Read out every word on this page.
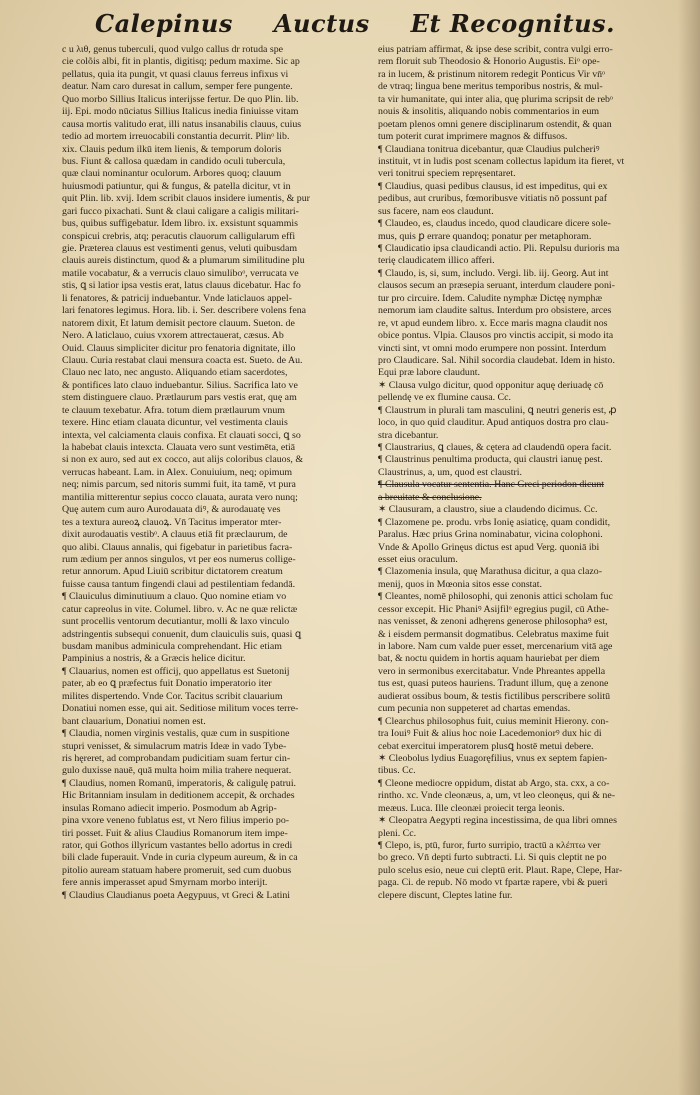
Calepinus Auctus Et Recognitus.
c u λιθ, genus tuberculi, quod vulgo callus dr rotuda spe
cie colõis albi, fit in plantis, digitisq; pedum maxime. Sic ap
pellatus, quia ita pungit, vt quasi clauus ferreus infixus vi
deatur. Nam caro duresat in callum, semper fere pungente.
Quo morbo Sillius Italicus interijsse fertur. De quo Plin. lib.
iij. Epi. modo nūciatus Sillius Italicus inedia finiuisse vitam
causa mortis valitudo erat, illi natus insanabilis clauus, cuius
tedio ad mortem irreuocabili constantia decurrit. Plinᵒ lib.
xix. Clauis pedum ilkū item lienis, & temporum doloris
bus. Fiunt & callosa quædam in candido oculi tubercula,
quæ claui nominantur oculorum. Arbores quoq; clauum
huiusmodi patiuntur, qui & fungus, & patella dicitur, vt in
quit Plin. lib. xvij. Idem scribit clauos insidere iumentis, & pur
gari fucco pixachati. Sunt & claui caligare a caligis militari-
bus, quibus suffigebatur. Idem libro. ix. exsistunt squammis
conspicui crebris, atq; peracutis clauorum calligularum effi
gie. Præterea clauus est vestimenti genus, veluti quibusdam
clauis aureis distinctum, quod & a plumarum similitudine plu
matile vocabatur, & a verrucis clauo simuliboᵒ, verrucata ve
stis, ꝗ si latior ipsa vestis erat, latus clauus dicebatur. Hac fo
li fenatores, & patricij induebantur. Vnde laticlauos appel-
lari fenatores legimus. Hora. lib. i. Ser. describere volens fena
natorem dixit, Et latum demisit pectore clauum. Sueton. de
Nero. A laticlauo, cuius vxorem attrectauerat, cæsus. Ab
Ouid. Clauus simpliciter dicitur pro fenatoria dignitate, illo
Clauu. Curia restabat claui mensura coacta est. Sueto. de Au.
Clauo nec lato, nec angusto. Aliquando etiam sacerdotes,
& pontifices lato clauo induebantur. Silius. Sacrifica lato ve
stem distinguere clauo. Prætlaurum pars vestis erat, quę am
te clauum texebatur. Afra. totum diem prætlaurum vnum
texere. Hinc etiam clauata dicuntur, vel vestimenta clauis
intexta, vel calciamenta clauis confixa. Et clauati socci, ꝗ so
la habebat clauis intexcta. Clauata vero sunt vestimēta, etiā
si non ex auro, sed aut ex cocco, aut alijs coloribus clauos, &
verrucas habeant. Lam. in Alex. Conuiuium, neq; opimum
neq; nimis parcum, sed nitoris summi fuit, ita tamē, vt pura
mantilia mitterentur sepius cocco clauata, aurata vero nunq;
Quę autem cum auro Aurodauata diꝰ, & aurodauatę ves
tes a textura aureoꝝ clauoꝝ. Vn̄ Tacitus imperator mter-
dixit aurodauatis vestibᵒ. A clauus etiā fit præclaurum, de
quo alibi. Clauus annalis, qui figebatur in parietibus facra-
rum ædium per annos singulos, vt per eos numerus collige-
retur annorum. Apud Liuiū scribitur dictatorem creatum
fuisse causa tantum fingendi claui ad pestilentiam fedandā.
¶ Clauiculus diminutiuum a clauo. Quo nomine etiam vo
catur capreolus in vite. Columel. libro. v. Ac ne quæ relictæ
sunt procellis ventorum decutiantur, molli & laxo vinculo
adstringentis subsequi conuenit, dum clauiculis suis, quasi ꝗ
busdam manibus adminicula comprehendant. Hic etiam
Pampinius a nostris, & a Græcis helice dicitur.
¶ Clauarius, nomen est officij, quo appellatus est Suetonij
pater, ab eo ꝗ præfectus fuit Donatio imperatorio iter
milites dispertendo. Vnde Cor. Tacitus scribit clauarium
Donatiui nomen esse, qui ait. Seditiose militum voces terre-
bant clauarium, Donatiui nomen est.
¶ Claudia, nomen virginis vestalis, quæ cum in suspitione
stupri venisset, & simulacrum matris Ideæ in vado Tybe-
ris hęreret, ad comprobandam pudicitiam suam fertur cin-
gulo duxisse nauē, quā multa hoim milia trahere nequerat.
¶ Claudius, nomen Romanū, imperatoris, & caligulę patrui.
Hic Britanniam insulam in deditionem accepit, & orchades
insulas Romano adiecit imperio. Posmodum ab Agrip-
pina vxore veneno fublatus est, vt Nero filius imperio po-
tiri posset. Fuit & alius Claudius Romanorum item impe-
rator, qui Gothos illyricum vastantes bello adortus in credi
bili clade fuperauit. Vnde in curia clypeum aureum, & in ca
pitolio auream statuam habere promeruit, sed cum duobus
fere annis imperasset apud Smyrnam morbo interijt.
¶ Claudius Claudianus poeta Aegypuus, vt Greci & Latini
eius patriam affirmat, & ipse dese scribit, contra vulgi erro-
rem floruit sub Theodosio & Honorio Augustis. Eiᵒ ope-
ra in lucem, & pristinum nitorem redegit Ponticus Vir vn̄ᵒ
de vtraq; lingua bene meritus temporibus nostris, & mul-
ta vir humanitate, qui inter alia, quę plurima scripsit de rebᵒ
nouis & insolitis, aliquando nobis commentarios in eum
poetam plenos omni genere disciplinarum ostendit, & quan
tum poterit curat imprimere magnos & diffusos.
¶ Claudiana tonitrua dicebantur, quæ Claudius pulcheriꝰ
instituit, vt in ludis post scenam collectus lapidum ita fieret, vt
veri tonitrui speciem repręsentaret.
¶ Claudius, quasi pedibus clausus, id est impeditus, qui ex
pedibus, aut cruribus, fœmoribusve vitiatis nō possunt paf
sus facere, nam eos claudunt.
¶ Claudeo, es, claudus incedo, quod claudicare dicere sole-
mus, quis ꝑ errare quandoq; ponatur per metaphoram.
¶ Claudicatio ipsa claudicandi actio. Pli. Repulsu durioris ma
terię claudicatem illico afferi.
¶ Claudo, is, si, sum, includo. Vergi. lib. iij. Georg. Aut int
clausos secum an præsepia seruant, interdum claudere poni-
tur pro circuire. Idem. Caludite nymphæ Dictęę nymphæ
nemorum iam claudite saltus. Interdum pro obsistere, arces
re, vt apud eundem libro. x. Ecce maris magna claudit nos
obice pontus. Vlpia. Clausos pro vinctis accipit, si modo ita
vincti sint, vt omni modo erumpere non possint. Interdum
pro Claudicare. Sal. Nihil socordia claudebat. Idem in histo.
Equi præ labore claudunt.
✶ Clausa vulgo dicitur, quod opponitur aquę deriuadę cō
pellendę ve ex flumine causa. Cc.
¶ Claustrum in plurali tam masculini, ꝗ neutri generis est, ꝓ
loco, in quo quid clauditur. Apud antiquos dostra pro clau-
stra dicebantur.
¶ Claustrarius, ꝗ claues, & cętera ad claudendū opera facit.
¶ Claustrinus penultima producta, qui claustri ianuę pest.
Claustrinus, a, um, quod est claustri.
¶ Clausula vocatur sententia. Hanc Greci periodon dicunt
a breuitate & conclusione.
✶ Clausuram, a claustro, siue a claudendo dicimus. Cc.
¶ Clazomene pe. produ. vrbs Ionię asiaticę, quam condidit,
Paralus. Hæc prius Grina nominabatur, vicina colophoni.
Vnde & Apollo Grinęus dictus est apud Verg. quoniā ibi
esset eius oraculum.
¶ Clazomenia insula, quę Marathusa dicitur, a qua clazo-
menij, quos in Mœonia sitos esse constat.
¶ Cleantes, nomē philosophi, qui zenonis attici scholam fuc
cessor excepit. Hic Phaniꝰ Asijfilᵒ egregius pugil, cū Athe-
nas venisset, & zenoni adhęrens generose philosophaꝰ est,
& i eisdem permansit dogmatibus. Celebratus maxime fuit
in labore. Nam cum valde puer esset, mercenarium vitā age
bat, & noctu quidem in hortis aquam hauriebat per diem
vero in sermonibus exercitabatur. Vnde Phreantes appella
tus est, quasi puteos hauriens. Tradunt illum, quę a zenone
audierat ossibus boum, & testis fictilibus perscribere solitū
cum pecunia non suppeteret ad chartas emendas.
¶ Clearchus philosophus fuit, cuius meminit Hierony. con-
tra Iouiꝰ Fuit & alius hoc noie Lacedemoniorꝰ dux hic di
cebat exercitui imperatorem plusꝗ hostē metui debere.
✶ Cleobolus lydius Euagoręfilius, vnus ex septem fapien-
tibus. Cc.
¶ Cleone mediocre oppidum, distat ab Argo, sta. cxx, a co-
rintho. xc. Vnde cleonæus, a, um, vt leo cleonęus, qui & ne-
meæus. Luca. Ille cleonæi proiecit terga leonis.
✶ Cleopatra Aegypti regina incestissima, de qua libri omnes
pleni. Cc.
¶ Clepo, is, ptū, furor, furto surripio, tractū a κλέπτω ver
bo greco. Vn̄ depti furto subtracti. Li. Si quis cleptit ne po
pulo scelus esio, neue cui cleptū erit. Plaut. Rape, Clepe, Har-
paga. Ci. de repub. Nō modo vt fpartæ rapere, vbi & pueri
clepere discunt, Cleptes latine fur.
